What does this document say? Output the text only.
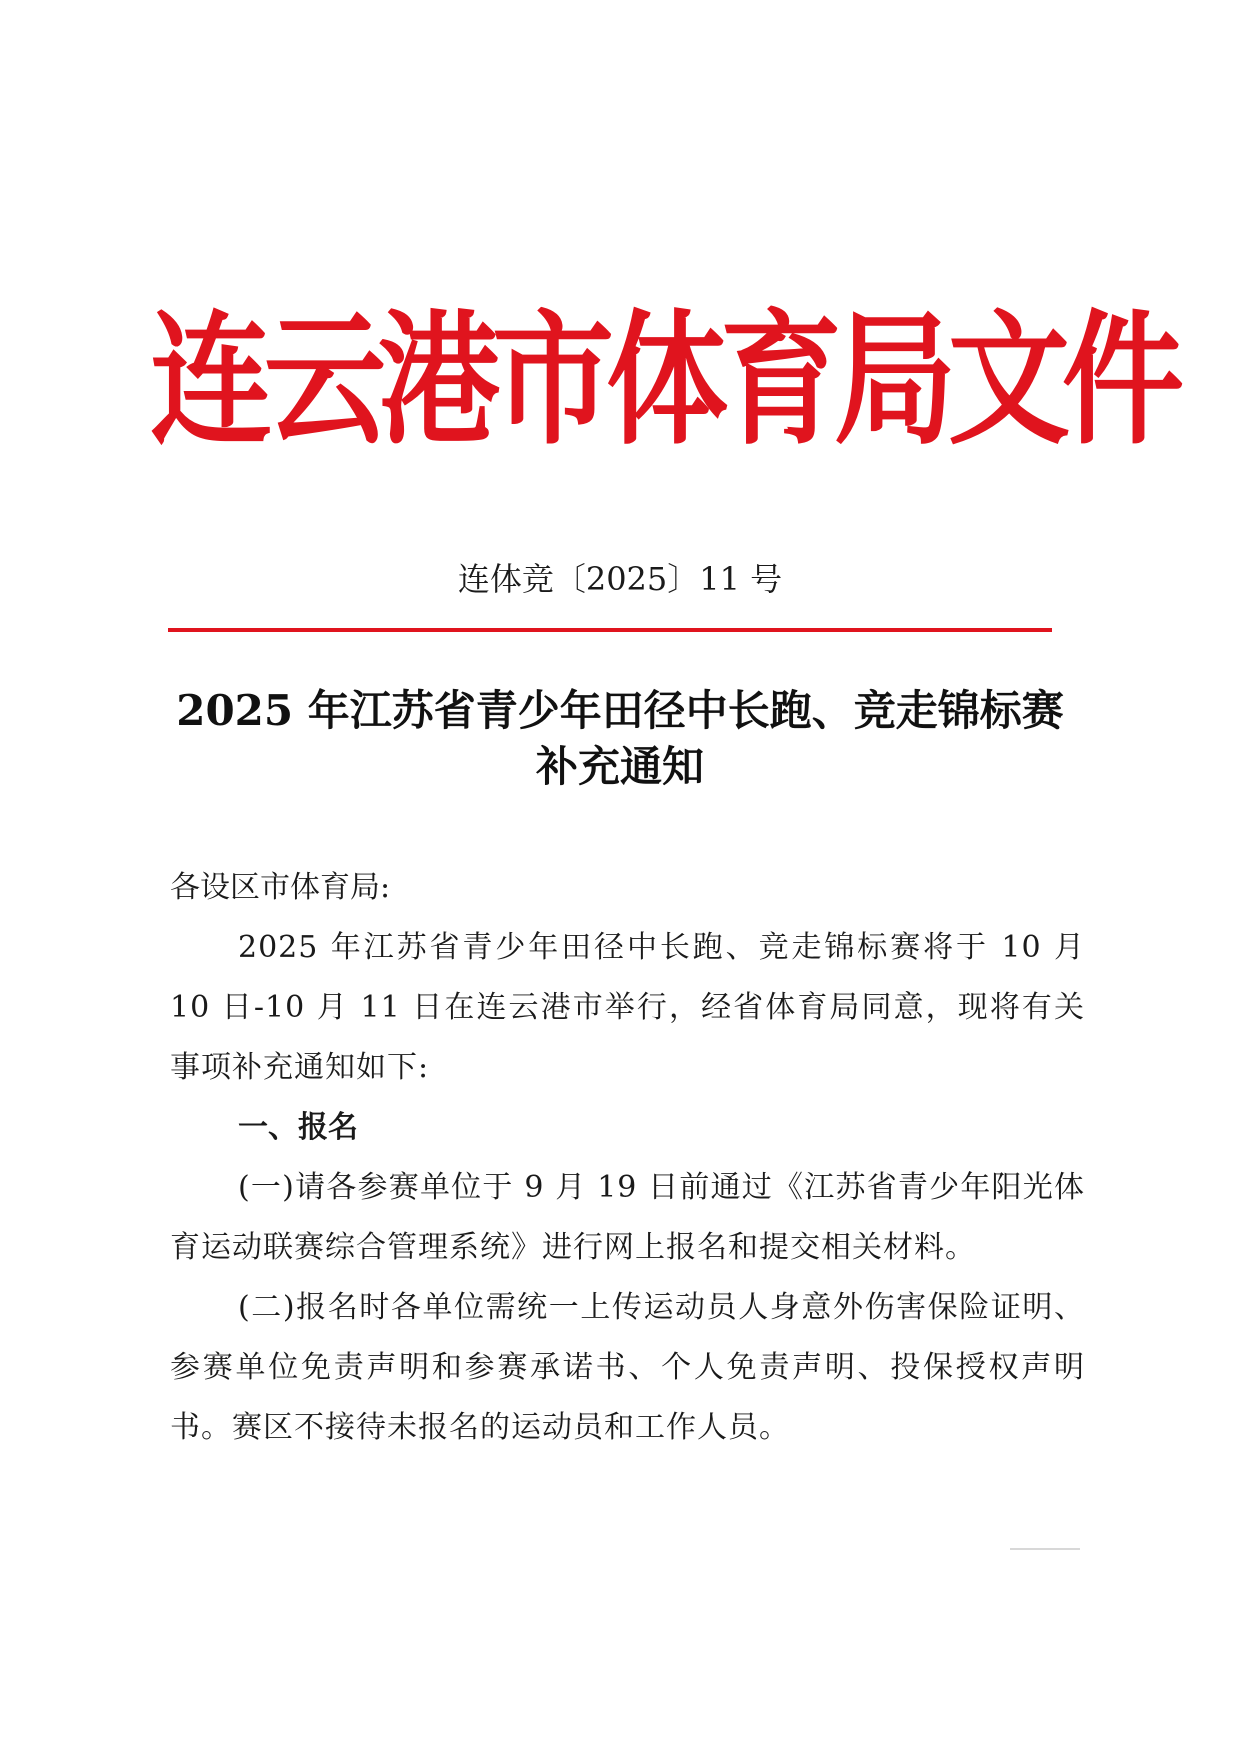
连云港市体育局文件
连体竞〔2025〕11 号
2025 年江苏省青少年田径中长跑、竞走锦标赛
补充通知

各设区市体育局:

2025 年江苏省青少年田径中长跑、竞走锦标赛将于 10 月 10 日-10 月 11 日在连云港市举行，经省体育局同意，现将有关事项补充通知如下:

一、报名

(一)请各参赛单位于 9 月 19 日前通过《江苏省青少年阳光体育运动联赛综合管理系统》进行网上报名和提交相关材料。

(二)报名时各单位需统一上传运动员人身意外伤害保险证明、参赛单位免责声明和参赛承诺书、个人免责声明、投保授权声明书。赛区不接待未报名的运动员和工作人员。
